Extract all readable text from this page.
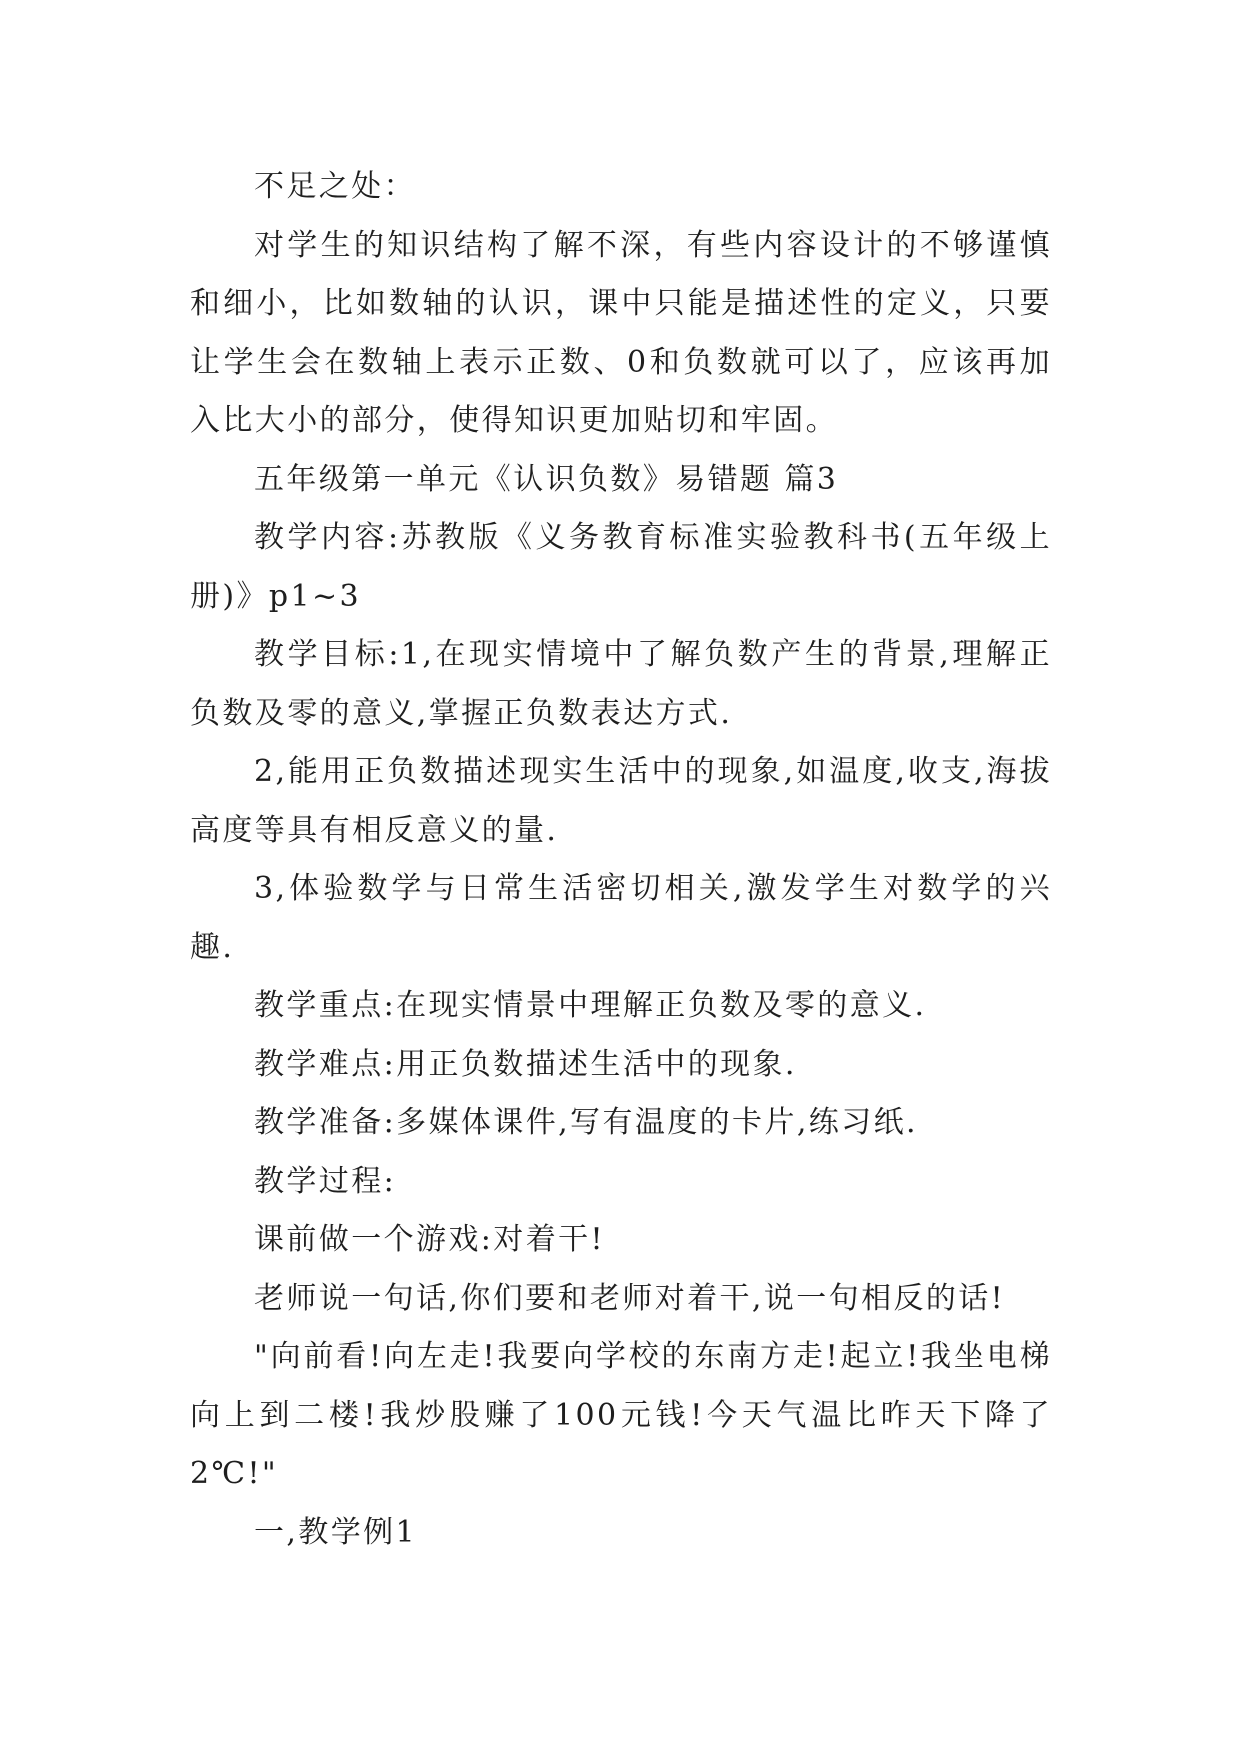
不足之处：

对学生的知识结构了解不深，有些内容设计的不够谨慎和细小，比如数轴的认识，课中只能是描述性的定义，只要让学生会在数轴上表示正数、0和负数就可以了，应该再加入比大小的部分，使得知识更加贴切和牢固。

五年级第一单元《认识负数》易错题 篇3

教学内容:苏教版《义务教育标准实验教科书(五年级上册)》p1~3

教学目标:1,在现实情境中了解负数产生的背景,理解正负数及零的意义,掌握正负数表达方式.

2,能用正负数描述现实生活中的现象,如温度,收支,海拔高度等具有相反意义的量.

3,体验数学与日常生活密切相关,激发学生对数学的兴趣.

教学重点:在现实情景中理解正负数及零的意义.

教学难点:用正负数描述生活中的现象.

教学准备:多媒体课件,写有温度的卡片,练习纸.

教学过程:

课前做一个游戏:对着干!

老师说一句话,你们要和老师对着干,说一句相反的话!

"向前看!向左走!我要向学校的东南方走!起立!我坐电梯向上到二楼!我炒股赚了100元钱!今天气温比昨天下降了2℃!"

一,教学例1
